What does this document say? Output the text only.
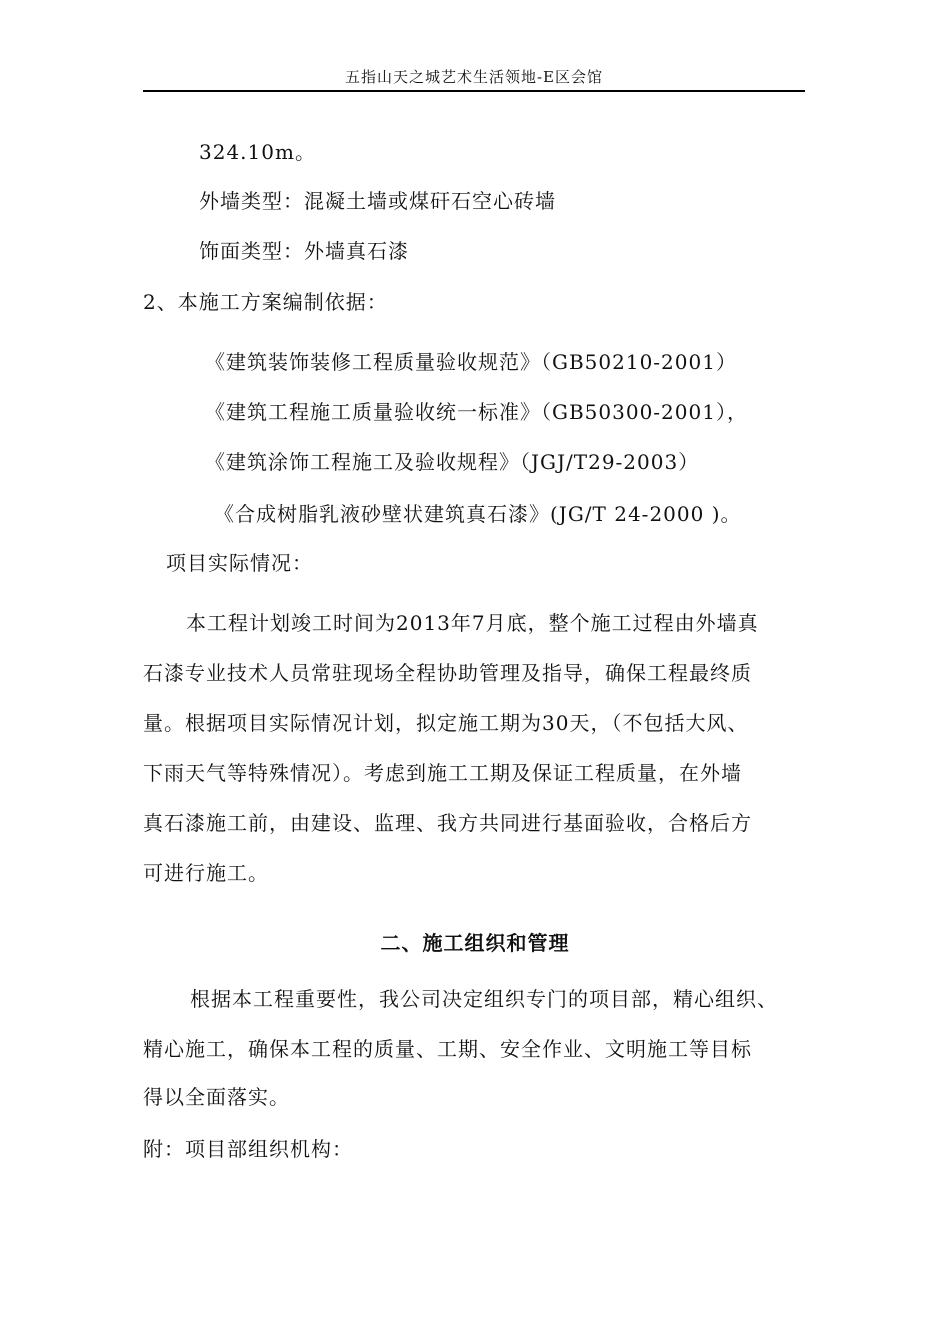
五指山天之城艺术生活领地-E区会馆
324.10m。
外墙类型：混凝土墙或煤矸石空心砖墙
饰面类型：外墙真石漆
2、本施工方案编制依据：
《建筑装饰装修工程质量验收规范》（GB50210-2001）
《建筑工程施工质量验收统一标准》（GB50300-2001），
《建筑涂饰工程施工及验收规程》（JGJ/T29-2003）
《合成树脂乳液砂壁状建筑真石漆》(JG/T 24-2000 )。
项目实际情况：
本工程计划竣工时间为2013年7月底，整个施工过程由外墙真
石漆专业技术人员常驻现场全程协助管理及指导，确保工程最终质
量。根据项目实际情况计划，拟定施工期为30天，（不包括大风、
下雨天气等特殊情况）。考虑到施工工期及保证工程质量，在外墙
真石漆施工前，由建设、监理、我方共同进行基面验收，合格后方
可进行施工。
二、施工组织和管理
根据本工程重要性，我公司决定组织专门的项目部，精心组织、
精心施工，确保本工程的质量、工期、安全作业、文明施工等目标
得以全面落实。
附：项目部组织机构：
